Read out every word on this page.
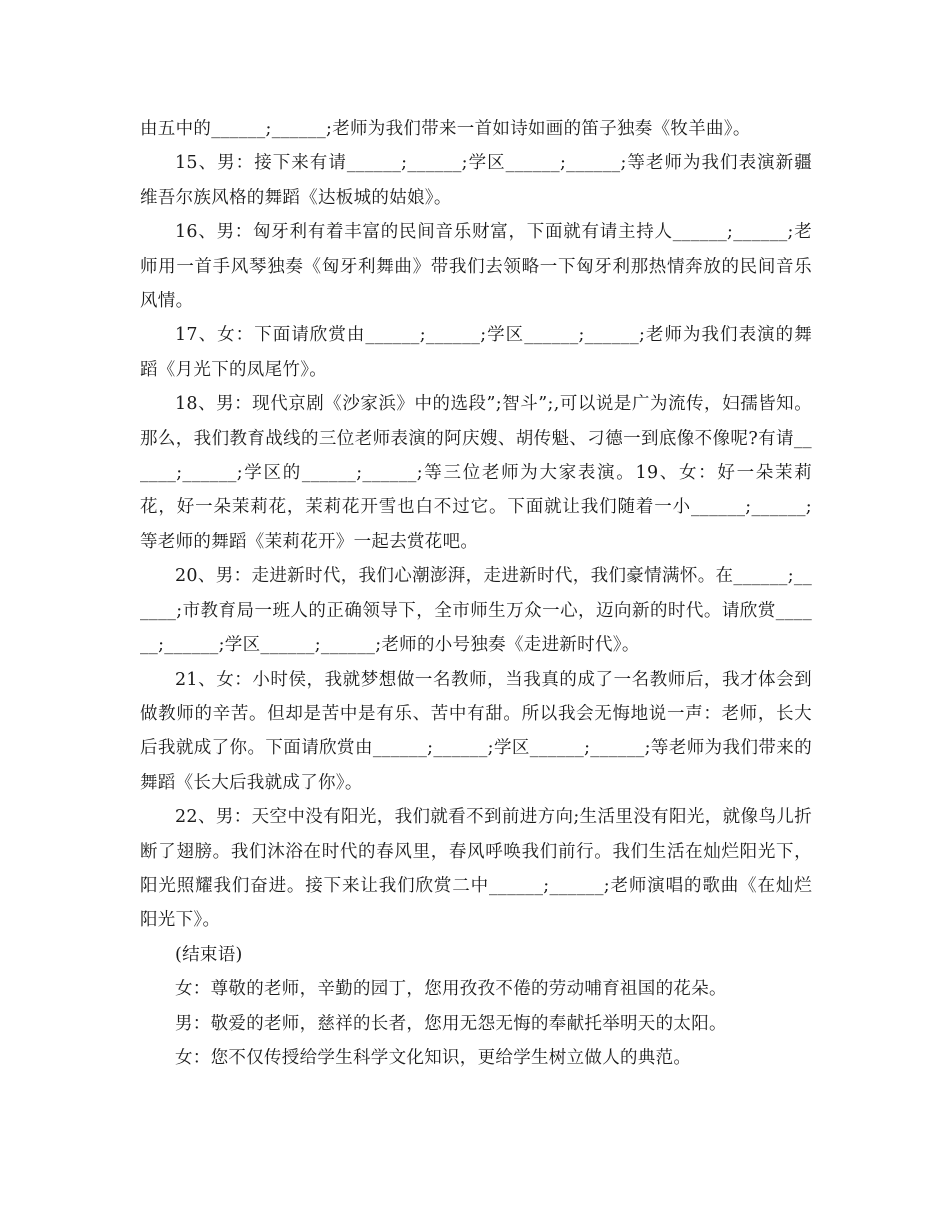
由五中的______;______;老师为我们带来一首如诗如画的笛子独奏《牧羊曲》。

15、男：接下来有请______;______;学区______;______;等老师为我们表演新疆维吾尔族风格的舞蹈《达板城的姑娘》。

16、男：匈牙利有着丰富的民间音乐财富，下面就有请主持人______;______;老师用一首手风琴独奏《匈牙利舞曲》带我们去领略一下匈牙利那热情奔放的民间音乐风情。

17、女：下面请欣赏由______;______;学区______;______;老师为我们表演的舞蹈《月光下的凤尾竹》。

18、男：现代京剧《沙家浜》中的选段”;智斗”;,可以说是广为流传，妇孺皆知。那么，我们教育战线的三位老师表演的阿庆嫂、胡传魁、刁德一到底像不像呢?有请______;______;学区的______;______;等三位老师为大家表演。19、女：好一朵茉莉花，好一朵茉莉花，茉莉花开雪也白不过它。下面就让我们随着一小______;______;等老师的舞蹈《茉莉花开》一起去赏花吧。

20、男：走进新时代，我们心潮澎湃，走进新时代，我们豪情满怀。在______;______;市教育局一班人的正确领导下，全市师生万众一心，迈向新的时代。请欣赏______;______;学区______;______;老师的小号独奏《走进新时代》。

21、女：小时侯，我就梦想做一名教师，当我真的成了一名教师后，我才体会到做教师的辛苦。但却是苦中是有乐、苦中有甜。所以我会无悔地说一声：老师，长大后我就成了你。下面请欣赏由______;______;学区______;______;等老师为我们带来的舞蹈《长大后我就成了你》。

22、男：天空中没有阳光，我们就看不到前进方向;生活里没有阳光，就像鸟儿折断了翅膀。我们沐浴在时代的春风里，春风呼唤我们前行。我们生活在灿烂阳光下，阳光照耀我们奋进。接下来让我们欣赏二中______;______;老师演唱的歌曲《在灿烂阳光下》。

(结束语)

女：尊敬的老师，辛勤的园丁，您用孜孜不倦的劳动哺育祖国的花朵。

男：敬爱的老师，慈祥的长者，您用无怨无悔的奉献托举明天的太阳。

女：您不仅传授给学生科学文化知识，更给学生树立做人的典范。
